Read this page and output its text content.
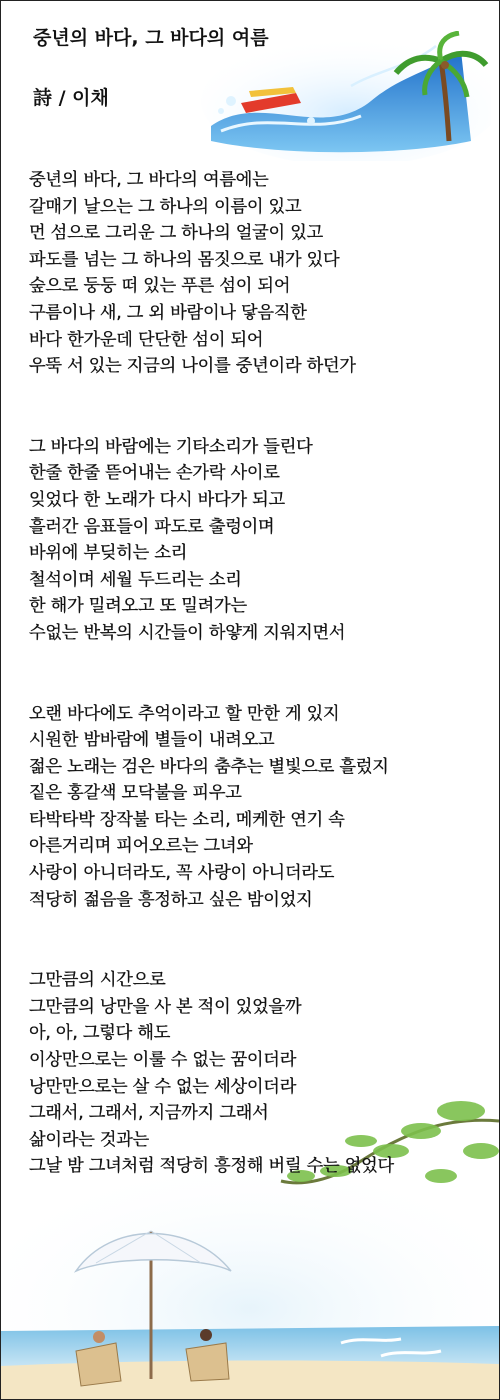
중년의 바다, 그 바다의 여름
詩 / 이채
중년의 바다, 그 바다의 여름에는
갈매기 날으는 그 하나의 이름이 있고
먼 섬으로 그리운 그 하나의 얼굴이 있고
파도를 넘는 그 하나의 몸짓으로 내가 있다
숲으로 둥둥 떠 있는 푸른 섬이 되어
구름이나 새, 그 외 바람이나 닿음직한
바다 한가운데 단단한 섬이 되어
우뚝 서 있는 지금의 나이를 중년이라 하던가
그 바다의 바람에는 기타소리가 들린다
한줄 한줄 뜯어내는 손가락 사이로
잊었다 한 노래가 다시 바다가 되고
흘러간 음표들이 파도로 출렁이며
바위에 부딪히는 소리
철석이며 세월 두드리는 소리
한 해가 밀려오고 또 밀려가는
수없는 반복의 시간들이 하얗게 지워지면서
오랜 바다에도 추억이라고 할 만한 게 있지
시원한 밤바람에 별들이 내려오고
젊은 노래는 검은 바다의 춤추는 별빛으로 흘렀지
짙은 홍갈색 모닥불을 피우고
타박타박 장작불 타는 소리, 메케한 연기 속
아른거리며 피어오르는 그녀와
사랑이 아니더라도, 꼭 사랑이 아니더라도
적당히 젊음을 흥정하고 싶은 밤이었지
그만큼의 시간으로
그만큼의 낭만을 사 본 적이 있었을까
아, 아, 그렇다 해도
이상만으로는 이룰 수 없는 꿈이더라
낭만만으로는 살 수 없는 세상이더라
그래서, 그래서, 지금까지 그래서
삶이라는 것과는
그날 밤 그녀처럼 적당히 흥정해 버릴 수는 없었다
